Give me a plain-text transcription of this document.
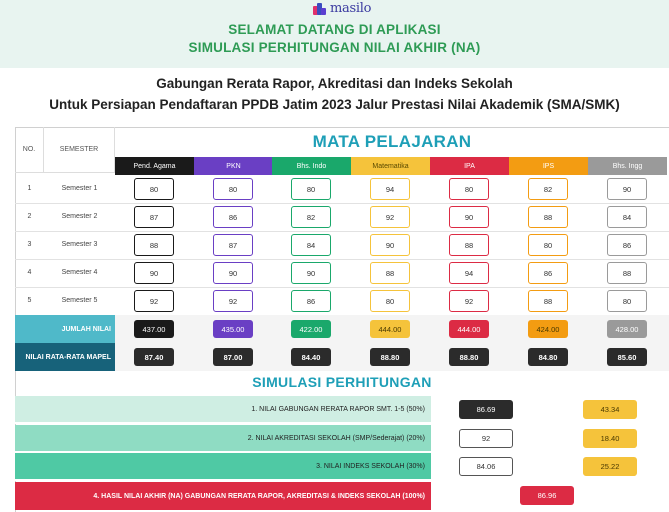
masilo
SELAMAT DATANG DI APLIKASI
SIMULASI PERHITUNGAN NILAI AKHIR (NA)
Gabungan Rerata Rapor, Akreditasi dan Indeks Sekolah
Untuk Persiapan Pendaftaran PPDB Jatim 2023 Jalur Prestasi Nilai Akademik (SMA/SMK)
NO.	SEMESTER	MATA PELAJARAN
Pend. Agama	PKN	Bhs. Indo	Matematika	IPA	IPS	Bhs. Ingg
1	Semester 1	80	80	80	94	80	82	90
2	Semester 2	87	86	82	92	90	88	84
3	Semester 3	88	87	84	90	88	80	86
4	Semester 4	90	90	90	88	94	86	88
5	Semester 5	92	92	86	80	92	88	80
JUMLAH NILAI	437.00	435.00	422.00	444.00	444.00	424.00	428.00
NILAI RATA-RATA MAPEL	87.40	87.00	84.40	88.80	88.80	84.80	85.60
SIMULASI PERHITUNGAN
1. NILAI GABUNGAN RERATA RAPOR SMT. 1-5 (50%)	86.69	43.34
2. NILAI AKREDITASI SEKOLAH (SMP/Sederajat) (20%)	92	18.40
3. NILAI INDEKS SEKOLAH (30%)	84.06	25.22
4. HASIL NILAI AKHIR (NA) GABUNGAN RERATA RAPOR, AKREDITASI & INDEKS SEKOLAH (100%)	86.96
